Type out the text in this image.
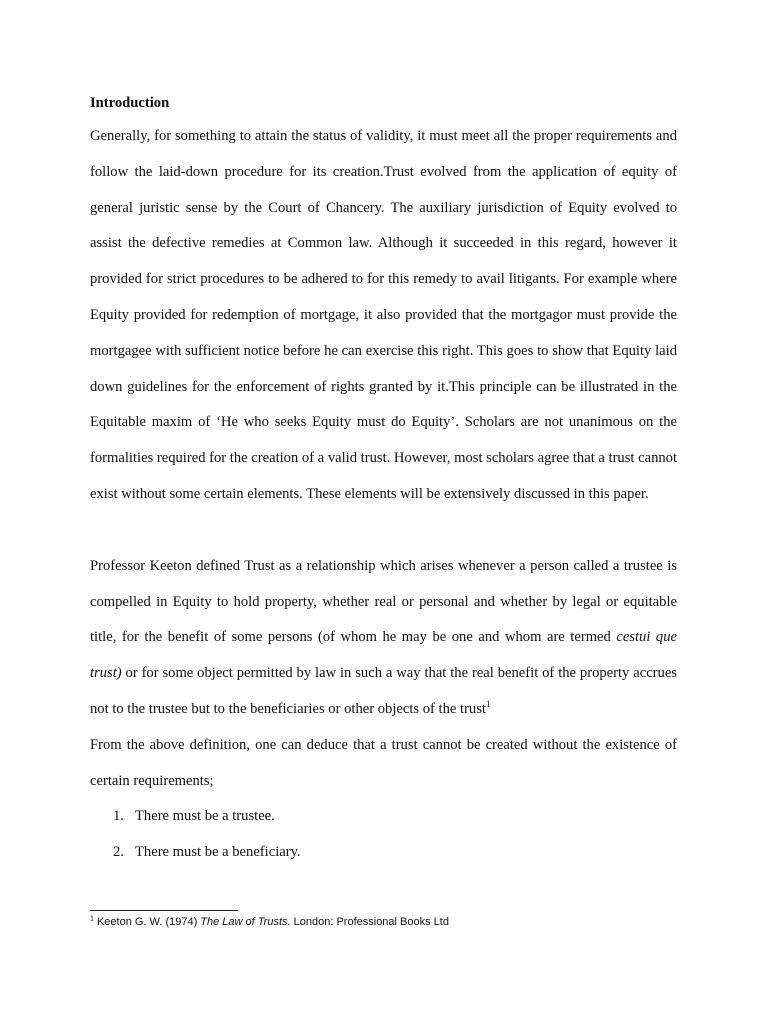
Introduction

Generally, for something to attain the status of validity, it must meet all the proper requirements and follow the laid-down procedure for its creation.Trust evolved from the application of equity of general juristic sense by the Court of Chancery. The auxiliary jurisdiction of Equity evolved to assist the defective remedies at Common law. Although it succeeded in this regard, however it provided for strict procedures to be adhered to for this remedy to avail litigants. For example where Equity provided for redemption of mortgage, it also provided that the mortgagor must provide the mortgagee with sufficient notice before he can exercise this right. This goes to show that Equity laid down guidelines for the enforcement of rights granted by it.This principle can be illustrated in the Equitable maxim of ‘He who seeks Equity must do Equity’. Scholars are not unanimous on the formalities required for the creation of a valid trust. However, most scholars agree that a trust cannot exist without some certain elements. These elements will be extensively discussed in this paper.

Professor Keeton defined Trust as a relationship which arises whenever a person called a trustee is compelled in Equity to hold property, whether real or personal and whether by legal or equitable title, for the benefit of some persons (of whom he may be one and whom are termed cestui que trust) or for some object permitted by law in such a way that the real benefit of the property accrues not to the trustee but to the beneficiaries or other objects of the trust$^1$

From the above definition, one can deduce that a trust cannot be created without the existence of certain requirements;

1. There must be a trustee.
2. There must be a beneficiary.
$^1$ Keeton G. W. (1974) The Law of Trusts. London: Professional Books Ltd
